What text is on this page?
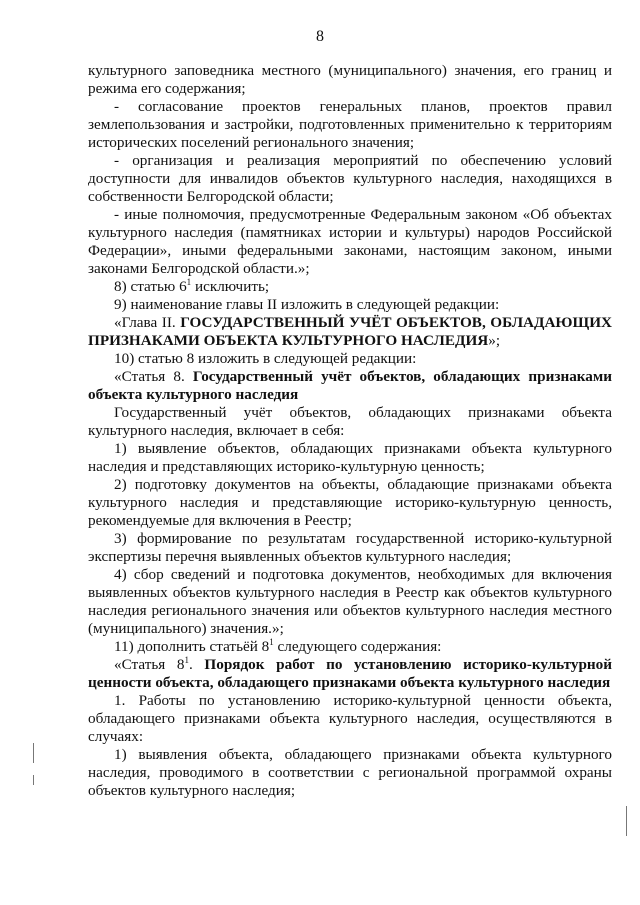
8

культурного заповедника местного (муниципального) значения, его границ и режима его содержания;

- согласование проектов генеральных планов, проектов правил землепользования и застройки, подготовленных применительно к территориям исторических поселений регионального значения;

- организация и реализация мероприятий по обеспечению условий доступности для инвалидов объектов культурного наследия, находящихся в собственности Белгородской области;

- иные полномочия, предусмотренные Федеральным законом «Об объектах культурного наследия (памятниках истории и культуры) народов Российской Федерации», иными федеральными законами, настоящим законом, иными законами Белгородской области.»;

8) статью $6^1$ исключить;

9) наименование главы II изложить в следующей редакции:

«Глава II. ГОСУДАРСТВЕННЫЙ УЧЁТ ОБЪЕКТОВ, ОБЛАДАЮЩИХ ПРИЗНАКАМИ ОБЪЕКТА КУЛЬТУРНОГО НАСЛЕДИЯ»;

10) статью 8 изложить в следующей редакции:

«Статья 8. Государственный учёт объектов, обладающих признаками объекта культурного наследия

Государственный учёт объектов, обладающих признаками объекта культурного наследия, включает в себя:

1) выявление объектов, обладающих признаками объекта культурного наследия и представляющих историко-культурную ценность;

2) подготовку документов на объекты, обладающие признаками объекта культурного наследия и представляющие историко-культурную ценность, рекомендуемые для включения в Реестр;

3) формирование по результатам государственной историко-культурной экспертизы перечня выявленных объектов культурного наследия;

4) сбор сведений и подготовка документов, необходимых для включения выявленных объектов культурного наследия в Реестр как объектов культурного наследия регионального значения или объектов культурного наследия местного (муниципального) значения.»;

11) дополнить статьёй $8^1$ следующего содержания:

«Статья $8^1$. Порядок работ по установлению историко-культурной ценности объекта, обладающего признаками объекта культурного наследия

1. Работы по установлению историко-культурной ценности объекта, обладающего признаками объекта культурного наследия, осуществляются в случаях:

1) выявления объекта, обладающего признаками объекта культурного наследия, проводимого в соответствии с региональной программой охраны объектов культурного наследия;
